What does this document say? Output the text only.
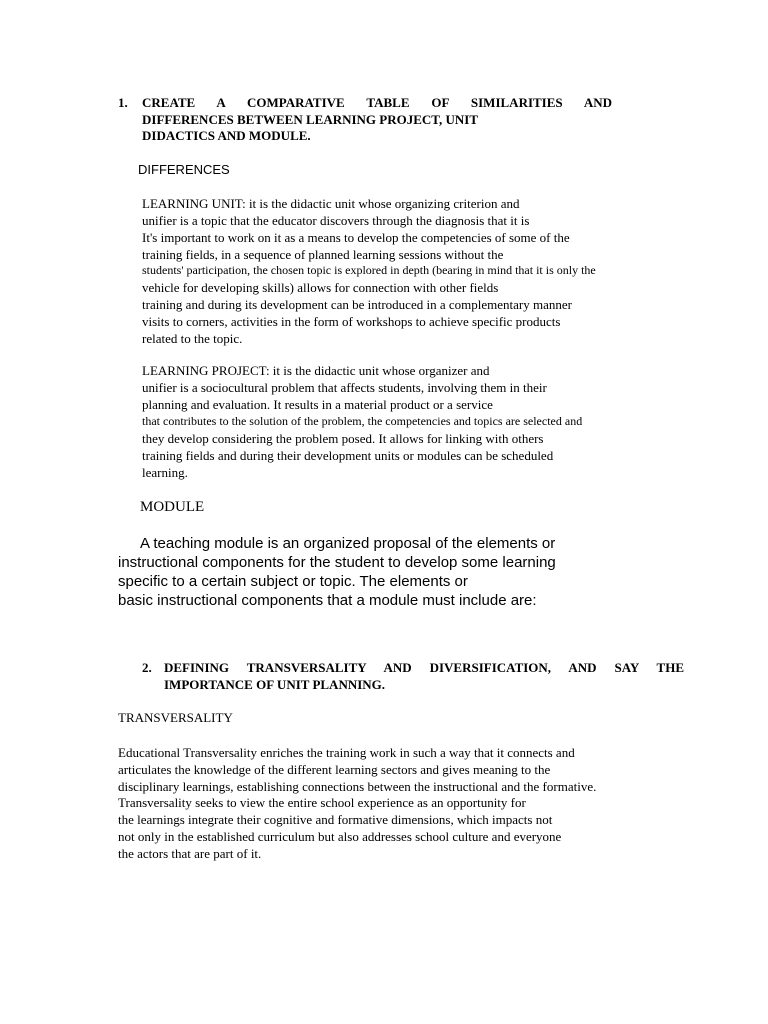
1. CREATE A COMPARATIVE TABLE OF SIMILARITIES AND
DIFFERENCES BETWEEN LEARNING PROJECT, UNIT
DIDACTICS AND MODULE.
DIFFERENCES
LEARNING UNIT: it is the didactic unit whose organizing criterion and
unifier is a topic that the educator discovers through the diagnosis that it is
It's important to work on it as a means to develop the competencies of some of the
training fields, in a sequence of planned learning sessions without the
students' participation, the chosen topic is explored in depth (bearing in mind that it is only the
vehicle for developing skills) allows for connection with other fields
training and during its development can be introduced in a complementary manner
visits to corners, activities in the form of workshops to achieve specific products
related to the topic.
LEARNING PROJECT: it is the didactic unit whose organizer and
unifier is a sociocultural problem that affects students, involving them in their
planning and evaluation. It results in a material product or a service
that contributes to the solution of the problem, the competencies and topics are selected and
they develop considering the problem posed. It allows for linking with others
training fields and during their development units or modules can be scheduled
learning.
MODULE
A teaching module is an organized proposal of the elements or
instructional components for the student to develop some learning
specific to a certain subject or topic. The elements or
basic instructional components that a module must include are:
2. DEFINING TRANSVERSALITY AND DIVERSIFICATION, AND SAY THE
IMPORTANCE OF UNIT PLANNING.
TRANSVERSALITY
Educational Transversality enriches the training work in such a way that it connects and
articulates the knowledge of the different learning sectors and gives meaning to the
disciplinary learnings, establishing connections between the instructional and the formative.
Transversality seeks to view the entire school experience as an opportunity for
the learnings integrate their cognitive and formative dimensions, which impacts not
not only in the established curriculum but also addresses school culture and everyone
the actors that are part of it.
